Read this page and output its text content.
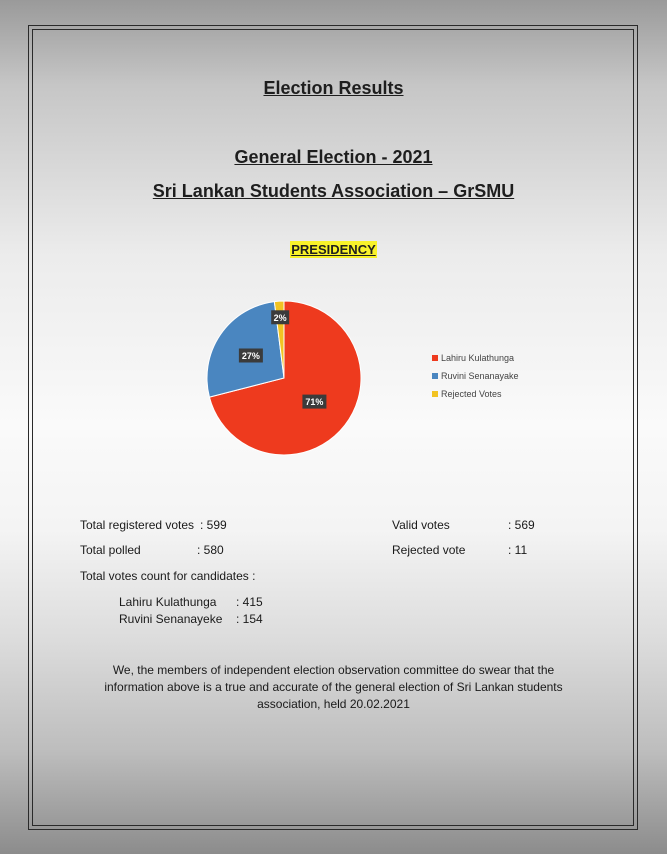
Election Results
General Election - 2021
Sri Lankan Students Association – GrSMU
PRESIDENCY
71%
27%
2%
Lahiru Kulathunga
Ruvini Senanayake
Rejected Votes
Total registered votes : 599
Total polled	: 580
Valid votes	: 569
Rejected vote	: 11
Total votes count for candidates :
Lahiru Kulathunga : 415
Ruvini Senanayeke : 154
We, the members of independent election observation committee do swear that the information above is a true and accurate of the general election of Sri Lankan students association, held 20.02.2021
